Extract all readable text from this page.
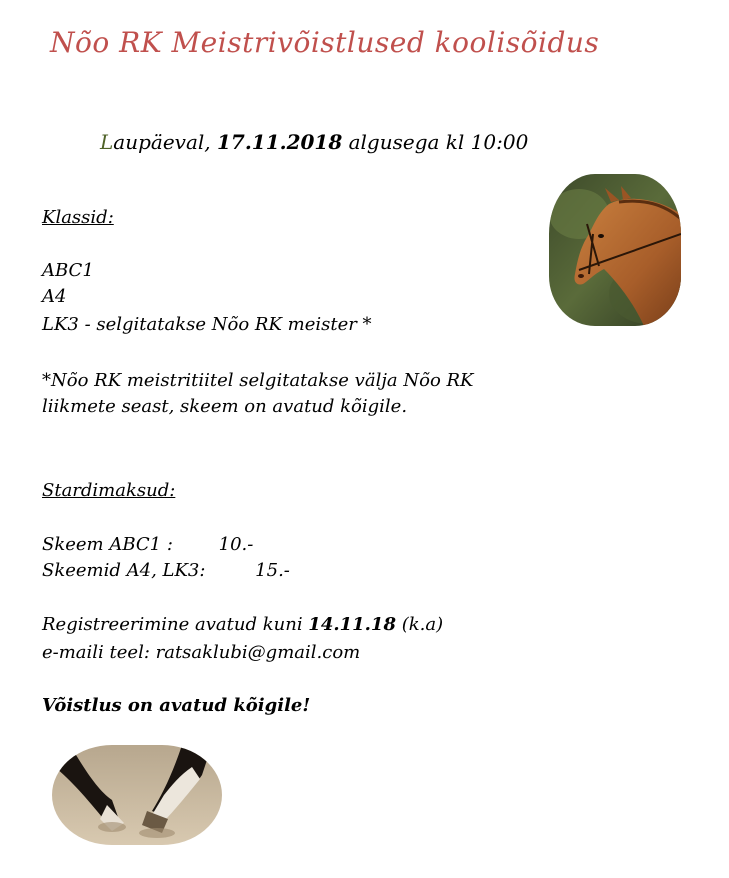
Nõo RK Meistrivõistlused koolisõidus
Laupäeval, 17.11.2018 algusega kl 10:00
Klassid:
ABC1
A4
LK3 - selgitatakse Nõo RK meister *
*Nõo RK meistritiitel selgitatakse välja Nõo RK
liikmete seast, skeem on avatud kõigile.
Stardimaksud:
Skeem ABC1 :	10.-
Skeemid A4, LK3:	15.-
Registreerimine avatud kuni 14.11.18 (k.a)
e-maili teel: ratsaklubi@gmail.com
Võistlus on avatud kõigile!
